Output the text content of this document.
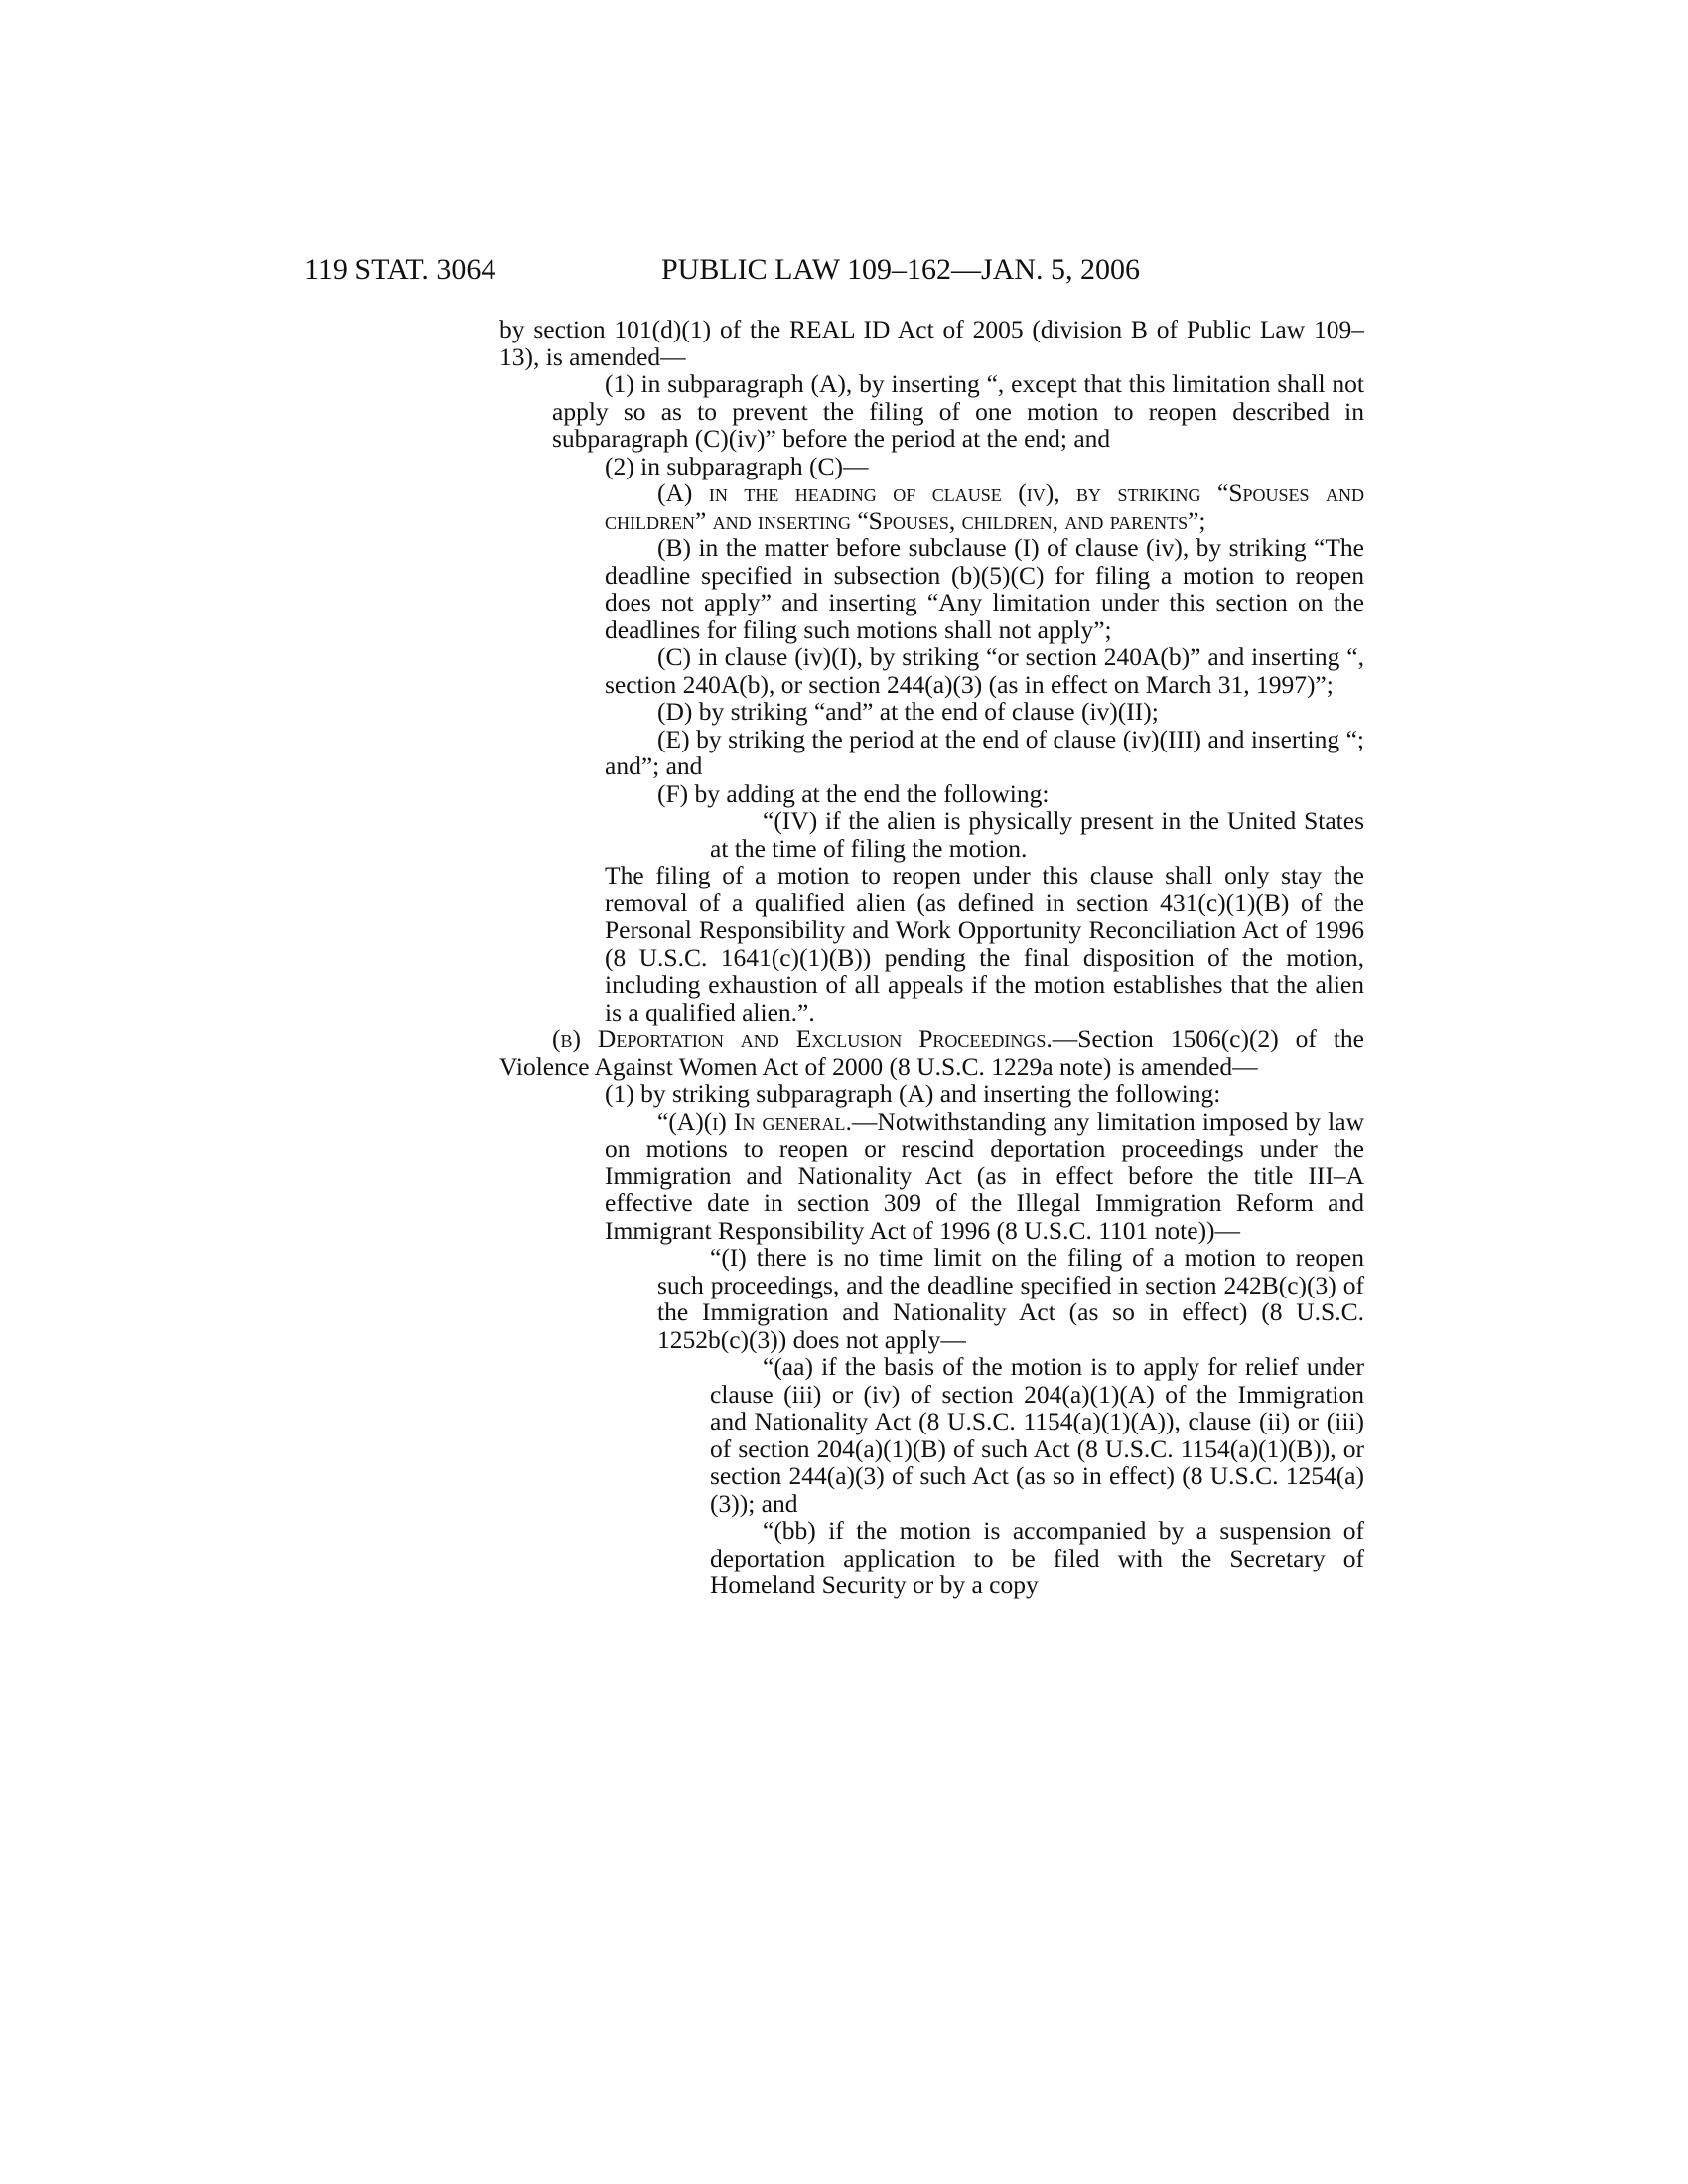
119 STAT. 3064	PUBLIC LAW 109–162—JAN. 5, 2006

by section 101(d)(1) of the REAL ID Act of 2005 (division B of Public Law 109–13), is amended—

(1) in subparagraph (A), by inserting “, except that this limitation shall not apply so as to prevent the filing of one motion to reopen described in subparagraph (C)(iv)” before the period at the end; and

(2) in subparagraph (C)—

(A) in the heading of clause (iv), by striking “Spouses and children” and inserting “Spouses, children, and parents”;

(B) in the matter before subclause (I) of clause (iv), by striking “The deadline specified in subsection (b)(5)(C) for filing a motion to reopen does not apply” and inserting “Any limitation under this section on the deadlines for filing such motions shall not apply”;

(C) in clause (iv)(I), by striking “or section 240A(b)” and inserting “, section 240A(b), or section 244(a)(3) (as in effect on March 31, 1997)”;

(D) by striking “and” at the end of clause (iv)(II);

(E) by striking the period at the end of clause (iv)(III) and inserting “; and”; and

(F) by adding at the end the following:

“(IV) if the alien is physically present in the United States at the time of filing the motion.

The filing of a motion to reopen under this clause shall only stay the removal of a qualified alien (as defined in section 431(c)(1)(B) of the Personal Responsibility and Work Opportunity Reconciliation Act of 1996 (8 U.S.C. 1641(c)(1)(B)) pending the final disposition of the motion, including exhaustion of all appeals if the motion establishes that the alien is a qualified alien.”.

(b) Deportation and Exclusion Proceedings.—Section 1506(c)(2) of the Violence Against Women Act of 2000 (8 U.S.C. 1229a note) is amended—

(1) by striking subparagraph (A) and inserting the following:

“(A)(i) In general.—Notwithstanding any limitation imposed by law on motions to reopen or rescind deportation proceedings under the Immigration and Nationality Act (as in effect before the title III–A effective date in section 309 of the Illegal Immigration Reform and Immigrant Responsibility Act of 1996 (8 U.S.C. 1101 note))—

“(I) there is no time limit on the filing of a motion to reopen such proceedings, and the deadline specified in section 242B(c)(3) of the Immigration and Nationality Act (as so in effect) (8 U.S.C. 1252b(c)(3)) does not apply—

“(aa) if the basis of the motion is to apply for relief under clause (iii) or (iv) of section 204(a)(1)(A) of the Immigration and Nationality Act (8 U.S.C. 1154(a)(1)(A)), clause (ii) or (iii) of section 204(a)(1)(B) of such Act (8 U.S.C. 1154(a)(1)(B)), or section 244(a)(3) of such Act (as so in effect) (8 U.S.C. 1254(a)(3)); and

“(bb) if the motion is accompanied by a suspension of deportation application to be filed with the Secretary of Homeland Security or by a copy
